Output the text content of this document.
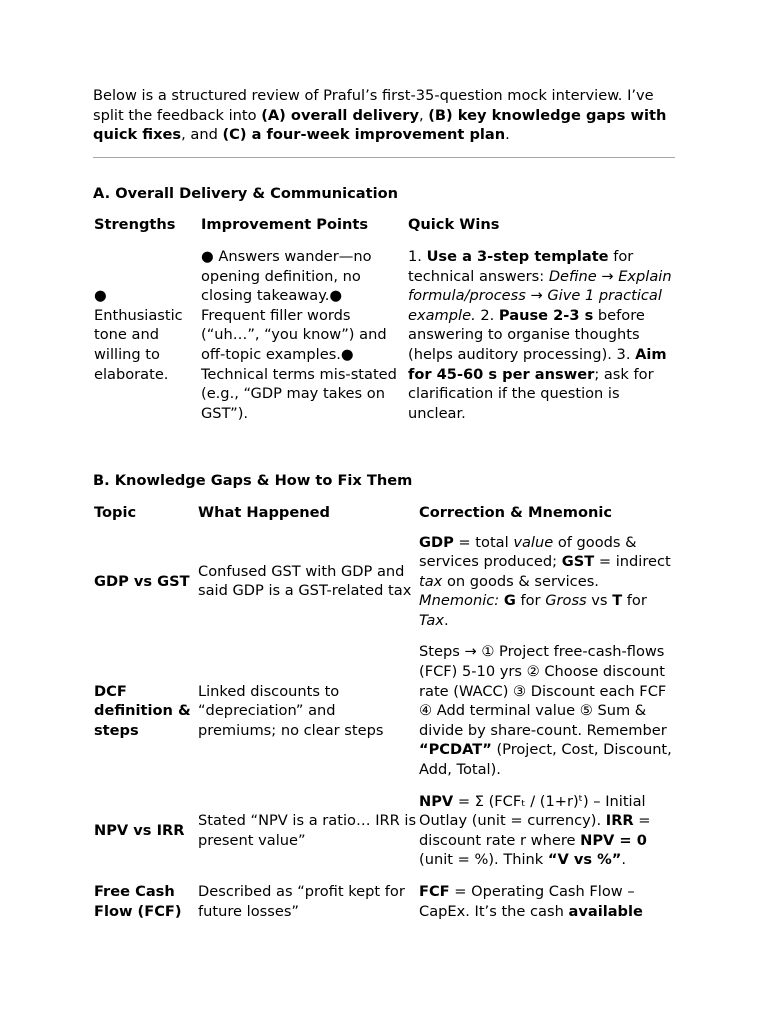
Below is a structured review of Praful’s first-35-question mock interview. I’ve split the feedback into (A) overall delivery, (B) key knowledge gaps with quick fixes, and (C) a four-week improvement plan.

A. Overall Delivery & Communication
Strengths	Improvement Points	Quick Wins
● Enthusiastic tone and willing to elaborate.	● Answers wander—no opening definition, no closing takeaway.● Frequent filler words (“uh…”, “you know”) and off-topic examples.● Technical terms mis-stated (e.g., “GDP may takes on GST”).	1. Use a 3-step template for technical answers: Define → Explain formula/process → Give 1 practical example. 2. Pause 2-3 s before answering to organise thoughts (helps auditory processing). 3. Aim for 45-60 s per answer; ask for clarification if the question is unclear.
B. Knowledge Gaps & How to Fix Them
Topic	What Happened	Correction & Mnemonic
GDP vs GST	Confused GST with GDP and said GDP is a GST-related tax	GDP = total value of goods & services produced; GST = indirect tax on goods & services. Mnemonic: G for Gross vs T for Tax.
DCF definition & steps	Linked discounts to “depreciation” and premiums; no clear steps	Steps → ① Project free-cash-flows (FCF) 5-10 yrs ② Choose discount rate (WACC) ③ Discount each FCF ④ Add terminal value ⑤ Sum & divide by share-count. Remember “PCDAT” (Project, Cost, Discount, Add, Total).
NPV vs IRR	Stated “NPV is a ratio… IRR is present value”	NPV = Σ (FCFₜ / (1+r)ᵗ) – Initial Outlay (unit = currency). IRR = discount rate r where NPV = 0 (unit = %). Think “V vs %”.
Free Cash Flow (FCF)	Described as “profit kept for future losses”	FCF = Operating Cash Flow – CapEx. It’s the cash available
